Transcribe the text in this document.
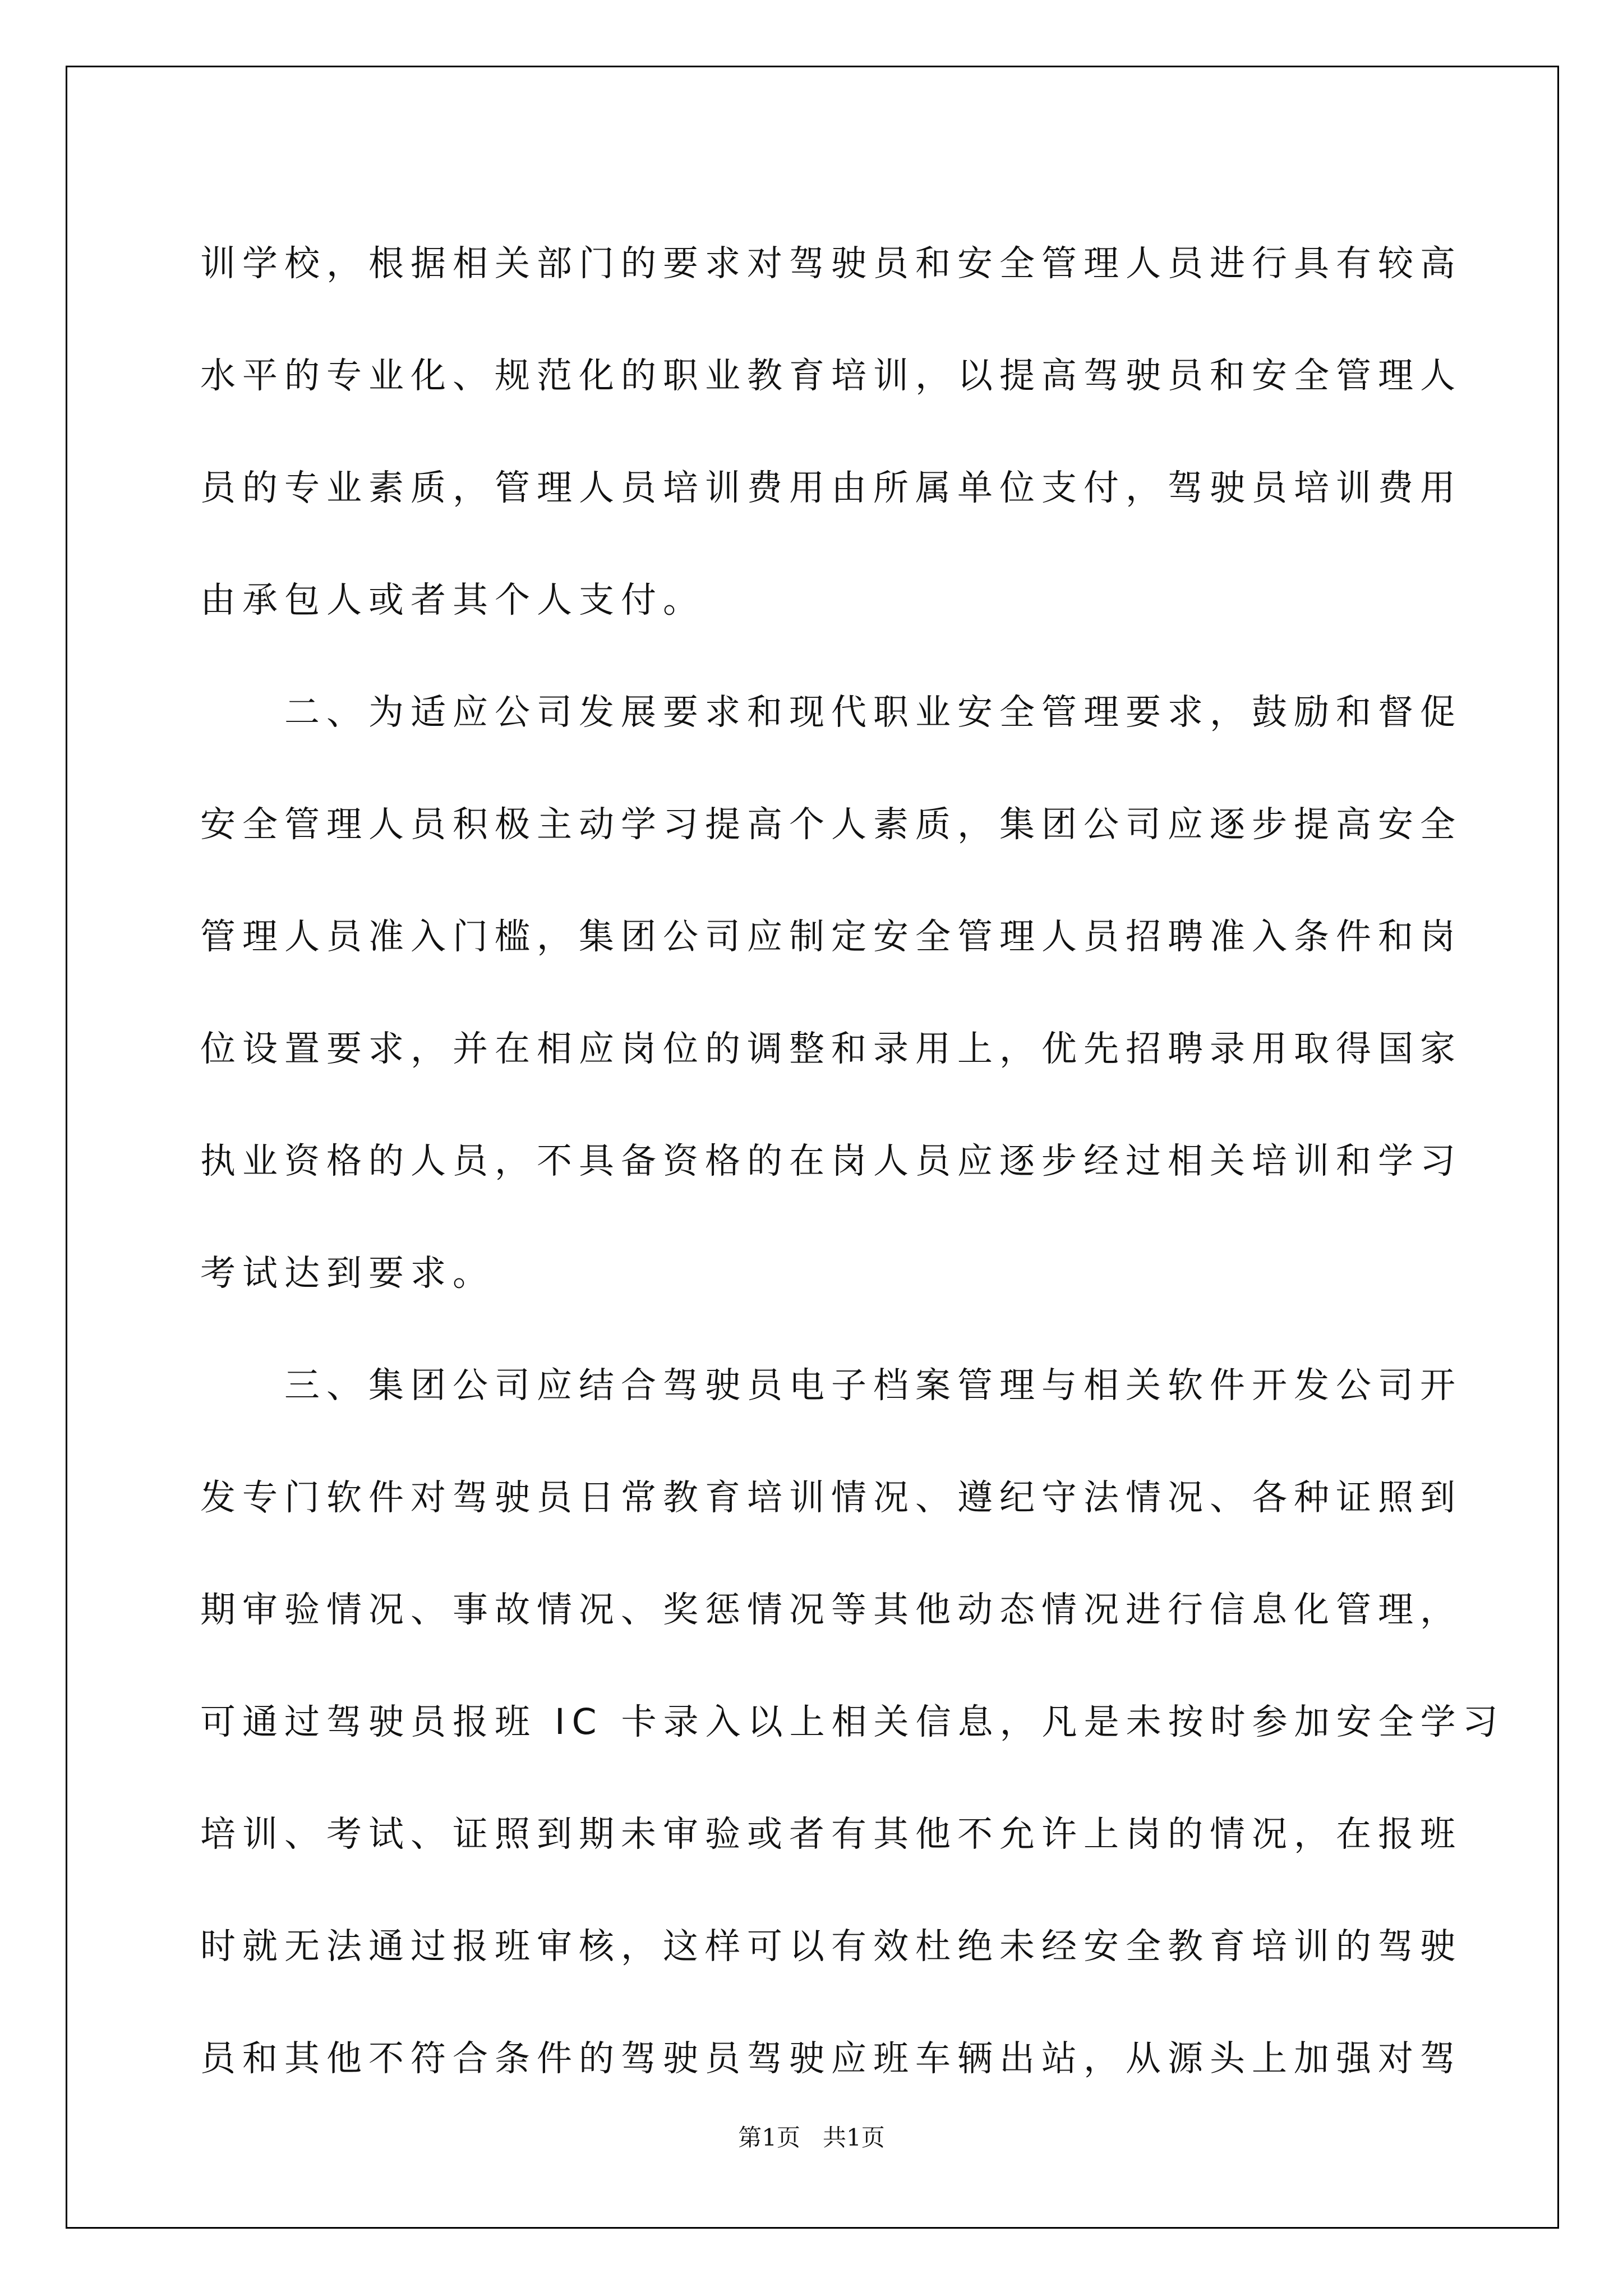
训学校，根据相关部门的要求对驾驶员和安全管理人员进行具有较高
水平的专业化、规范化的职业教育培训，以提高驾驶员和安全管理人
员的专业素质，管理人员培训费用由所属单位支付，驾驶员培训费用
由承包人或者其个人支付。
二、为适应公司发展要求和现代职业安全管理要求，鼓励和督促
安全管理人员积极主动学习提高个人素质，集团公司应逐步提高安全
管理人员准入门槛，集团公司应制定安全管理人员招聘准入条件和岗
位设置要求，并在相应岗位的调整和录用上，优先招聘录用取得国家
执业资格的人员，不具备资格的在岗人员应逐步经过相关培训和学习
考试达到要求。
三、集团公司应结合驾驶员电子档案管理与相关软件开发公司开
发专门软件对驾驶员日常教育培训情况、遵纪守法情况、各种证照到
期审验情况、事故情况、奖惩情况等其他动态情况进行信息化管理，
可通过驾驶员报班 IC 卡录入以上相关信息，凡是未按时参加安全学习
培训、考试、证照到期未审验或者有其他不允许上岗的情况，在报班
时就无法通过报班审核，这样可以有效杜绝未经安全教育培训的驾驶
员和其他不符合条件的驾驶员驾驶应班车辆出站，从源头上加强对驾
第1页   共1页
